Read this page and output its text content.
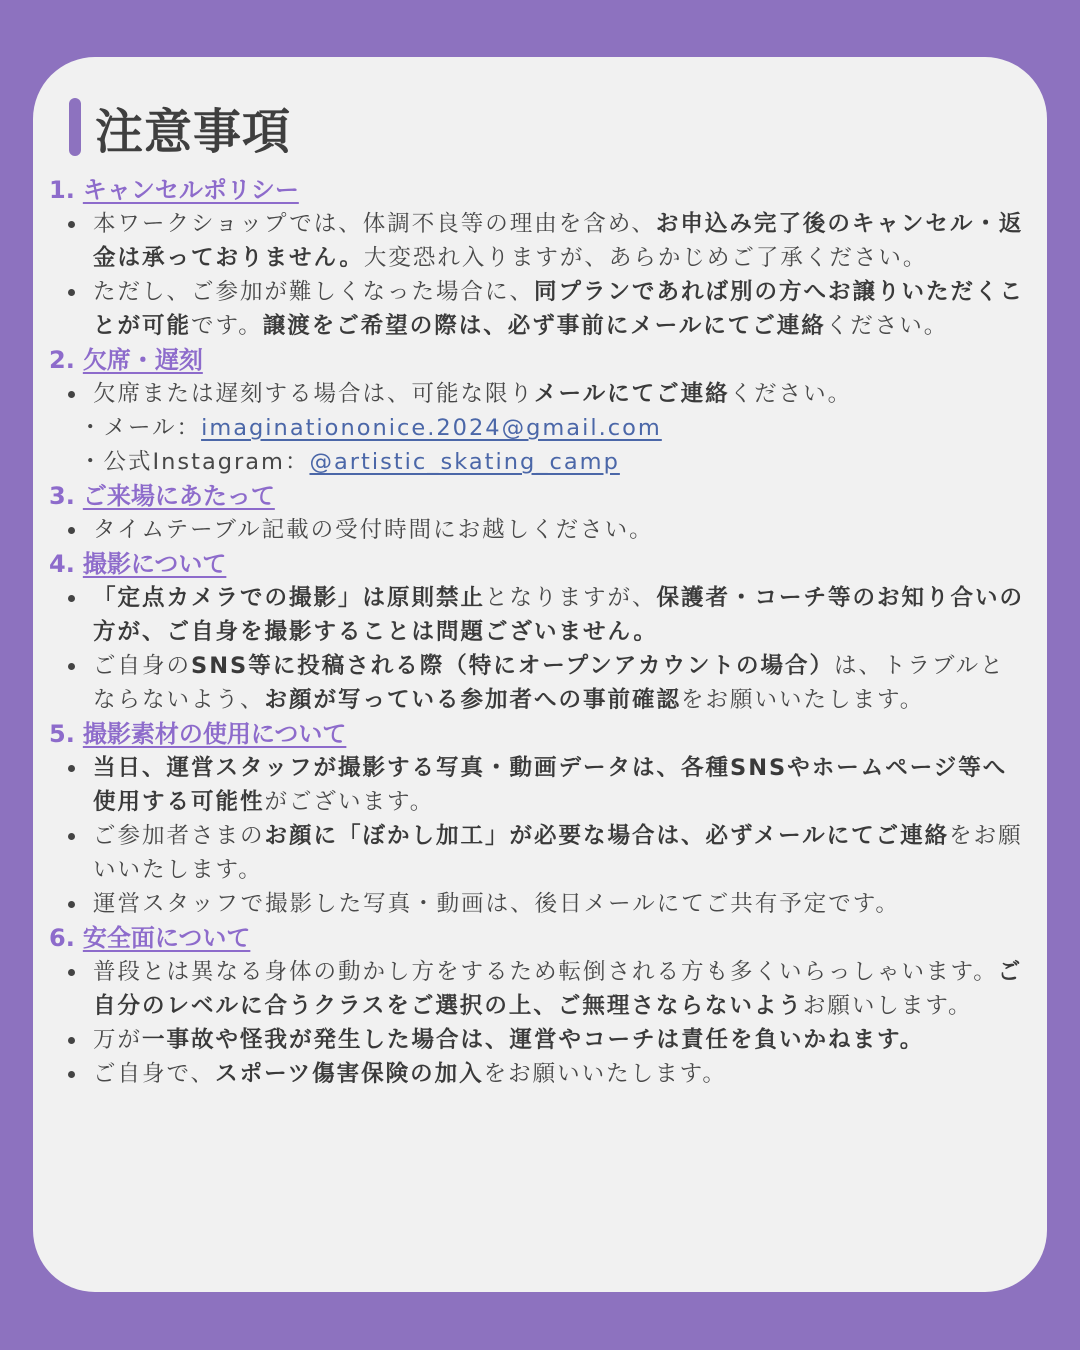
注意事項
1. キャンセルポリシー
本ワークショップでは、体調不良等の理由を含め、お申込み完了後のキャンセル・返金は承っておりません。大変恐れ入りますが、あらかじめご了承ください。
ただし、ご参加が難しくなった場合に、同プランであれば別の方へお譲りいただくことが可能です。譲渡をご希望の際は、必ず事前にメールにてご連絡ください。
2. 欠席・遅刻
欠席または遅刻する場合は、可能な限りメールにてご連絡ください。
・メール：imaginationonice.2024@gmail.com
・公式Instagram：@artistic_skating_camp
3. ご来場にあたって
タイムテーブル記載の受付時間にお越しください。
4. 撮影について
「定点カメラでの撮影」は原則禁止となりますが、保護者・コーチ等のお知り合いの方が、ご自身を撮影することは問題ございません。
ご自身のSNS等に投稿される際（特にオープンアカウントの場合）は、トラブルとならないよう、お顔が写っている参加者への事前確認をお願いいたします。
5. 撮影素材の使用について
当日、運営スタッフが撮影する写真・動画データは、各種SNSやホームページ等へ使用する可能性がございます。
ご参加者さまのお顔に「ぼかし加工」が必要な場合は、必ずメールにてご連絡をお願いいたします。
運営スタッフで撮影した写真・動画は、後日メールにてご共有予定です。
6. 安全面について
普段とは異なる身体の動かし方をするため転倒される方も多くいらっしゃいます。ご自分のレベルに合うクラスをご選択の上、ご無理さならないようお願いします。
万が一事故や怪我が発生した場合は、運営やコーチは責任を負いかねます。
ご自身で、スポーツ傷害保険の加入をお願いいたします。
